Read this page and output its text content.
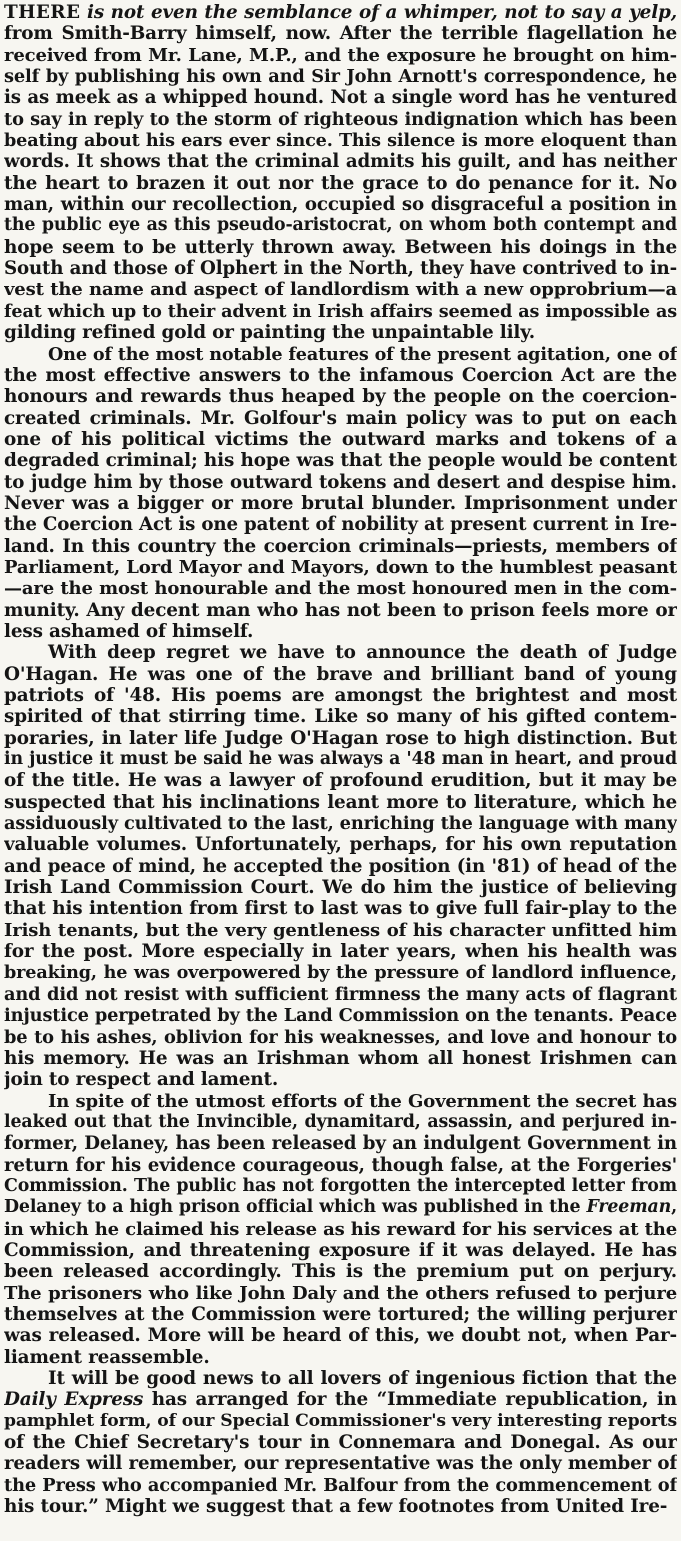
THERE is not even the semblance of a whimper, not to say a yelp,
from Smith-Barry himself, now. After the terrible flagellation he
received from Mr. Lane, M.P., and the exposure he brought on him-
self by publishing his own and Sir John Arnott's correspondence, he
is as meek as a whipped hound. Not a single word has he ventured
to say in reply to the storm of righteous indignation which has been
beating about his ears ever since. This silence is more eloquent than
words. It shows that the criminal admits his guilt, and has neither
the heart to brazen it out nor the grace to do penance for it. No
man, within our recollection, occupied so disgraceful a position in
the public eye as this pseudo-aristocrat, on whom both contempt and
hope seem to be utterly thrown away. Between his doings in the
South and those of Olphert in the North, they have contrived to in-
vest the name and aspect of landlordism with a new opprobrium—a
feat which up to their advent in Irish affairs seemed as impossible as
gilding refined gold or painting the unpaintable lily.
One of the most notable features of the present agitation, one of
the most effective answers to the infamous Coercion Act are the
honours and rewards thus heaped by the people on the coercion-
created criminals. Mr. Golfour's main policy was to put on each
one of his political victims the outward marks and tokens of a
degraded criminal; his hope was that the people would be content
to judge him by those outward tokens and desert and despise him.
Never was a bigger or more brutal blunder. Imprisonment under
the Coercion Act is one patent of nobility at present current in Ire-
land. In this country the coercion criminals—priests, members of
Parliament, Lord Mayor and Mayors, down to the humblest peasant
—are the most honourable and the most honoured men in the com-
munity. Any decent man who has not been to prison feels more or
less ashamed of himself.
With deep regret we have to announce the death of Judge
O'Hagan. He was one of the brave and brilliant band of young
patriots of '48. His poems are amongst the brightest and most
spirited of that stirring time. Like so many of his gifted contem-
poraries, in later life Judge O'Hagan rose to high distinction. But
in justice it must be said he was always a '48 man in heart, and proud
of the title. He was a lawyer of profound erudition, but it may be
suspected that his inclinations leant more to literature, which he
assiduously cultivated to the last, enriching the language with many
valuable volumes. Unfortunately, perhaps, for his own reputation
and peace of mind, he accepted the position (in '81) of head of the
Irish Land Commission Court. We do him the justice of believing
that his intention from first to last was to give full fair-play to the
Irish tenants, but the very gentleness of his character unfitted him
for the post. More especially in later years, when his health was
breaking, he was overpowered by the pressure of landlord influence,
and did not resist with sufficient firmness the many acts of flagrant
injustice perpetrated by the Land Commission on the tenants. Peace
be to his ashes, oblivion for his weaknesses, and love and honour to
his memory. He was an Irishman whom all honest Irishmen can
join to respect and lament.
In spite of the utmost efforts of the Government the secret has
leaked out that the Invincible, dynamitard, assassin, and perjured in-
former, Delaney, has been released by an indulgent Government in
return for his evidence courageous, though false, at the Forgeries'
Commission. The public has not forgotten the intercepted letter from
Delaney to a high prison official which was published in the Freeman,
in which he claimed his release as his reward for his services at the
Commission, and threatening exposure if it was delayed. He has
been released accordingly. This is the premium put on perjury.
The prisoners who like John Daly and the others refused to perjure
themselves at the Commission were tortured; the willing perjurer
was released. More will be heard of this, we doubt not, when Par-
liament reassemble.
It will be good news to all lovers of ingenious fiction that the
Daily Express has arranged for the “Immediate republication, in
pamphlet form, of our Special Commissioner's very interesting reports
of the Chief Secretary's tour in Connemara and Donegal. As our
readers will remember, our representative was the only member of
the Press who accompanied Mr. Balfour from the commencement of
his tour.” Might we suggest that a few footnotes from United Ire-
